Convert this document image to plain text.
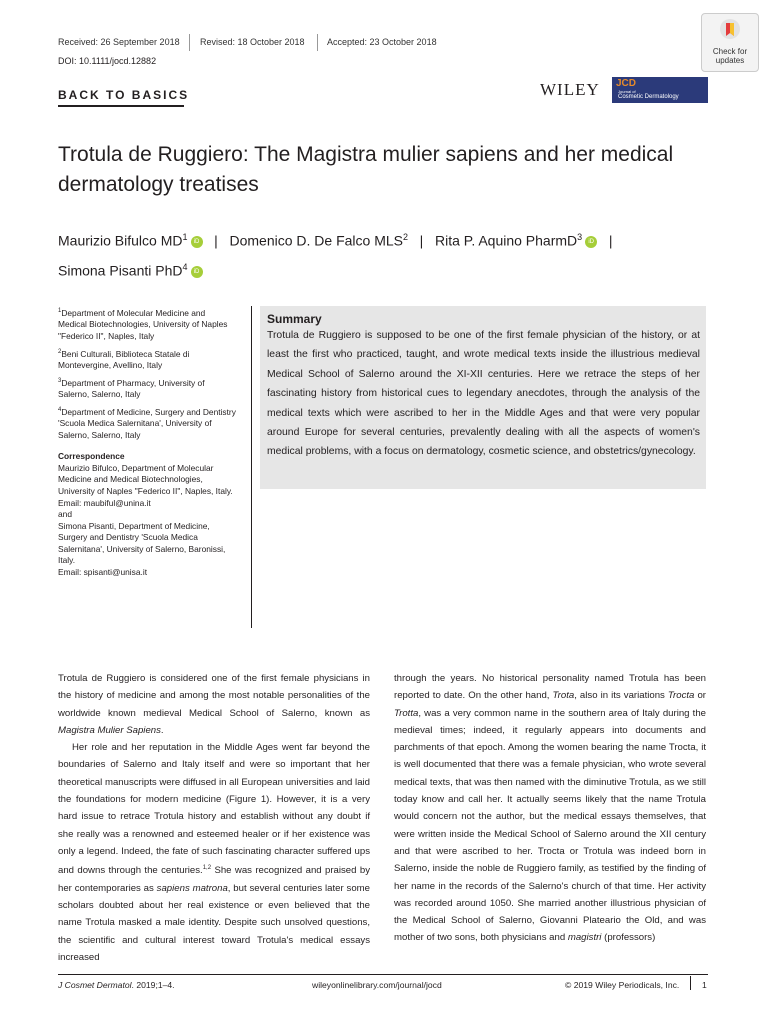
Received: 26 September 2018 Revised: 18 October 2018 Accepted: 23 October 2018
DOI: 10.1111/jocd.12882
Check for
updates
BACK TO BASICS	WILEY JCD
Journal of
Cosmetic Dermatology
Trotula de Ruggiero: The Magistra mulier sapiens and her medical dermatology treatises
Maurizio Bifulco $MD^1$ iD   |   Domenico D. De Falco MLS$^2$   |   Rita P. Aquino PharmD$^3$ iD   |
Simona Pisanti PhD$^4$ iD

$^1$Department of Molecular Medicine and Medical Biotechnologies, University of Naples "Federico II", Naples, Italy

$^2$Beni Culturali, Biblioteca Statale di Montevergine, Avellino, Italy

$^3$Department of Pharmacy, University of Salerno, Salerno, Italy

$^4$Department of Medicine, Surgery and Dentistry 'Scuola Medica Salernitana', University of Salerno, Salerno, Italy

Correspondence
Maurizio Bifulco, Department of Molecular Medicine and Medical Biotechnologies, University of Naples "Federico II", Naples, Italy.
Email: maubiful@unina.it
and
Simona Pisanti, Department of Medicine, Surgery and Dentistry 'Scuola Medica Salernitana', University of Salerno, Baronissi, Italy.
Email: spisanti@unisa.it
Summary

Trotula de Ruggiero is supposed to be one of the first female physician of the history, or at least the first who practiced, taught, and wrote medical texts inside the illustrious medieval Medical School of Salerno around the XI-XII centuries. Here we retrace the steps of her fascinating history from historical cues to legendary anecdotes, through the analysis of the medical texts which were ascribed to her in the Middle Ages and that were very popular around Europe for several centuries, prevalently dealing with all the aspects of women's medical problems, with a focus on dermatology, cosmetic science, and obstetrics/gynecology.

Trotula de Ruggiero is considered one of the first female physicians in the history of medicine and among the most notable personalities of the worldwide known medieval Medical School of Salerno, known as Magistra Mulier Sapiens.

Her role and her reputation in the Middle Ages went far beyond the boundaries of Salerno and Italy itself and were so important that her theoretical manuscripts were diffused in all European universities and laid the foundations for modern medicine (Figure 1). However, it is a very hard issue to retrace Trotula history and establish without any doubt if she really was a renowned and esteemed healer or if her existence was only a legend. Indeed, the fate of such fascinating character suffered ups and downs through the centuries.$^{1,2}$ She was recognized and praised by her contemporaries as sapiens matrona, but several centuries later some scholars doubted about her real existence or even believed that the name Trotula masked a male identity. Despite such unsolved questions, the scientific and cultural interest toward Trotula's medical essays increased

through the years. No historical personality named Trotula has been reported to date. On the other hand, Trota, also in its variations Trocta or Trotta, was a very common name in the southern area of Italy during the medieval times; indeed, it regularly appears into documents and parchments of that epoch. Among the women bearing the name Trocta, it is well documented that there was a female physician, who wrote several medical texts, that was then named with the diminutive Trotula, as we still today know and call her. It actually seems likely that the name Trotula would concern not the author, but the medical essays themselves, that were written inside the Medical School of Salerno around the XII century and that were ascribed to her. Trocta or Trotula was indeed born in Salerno, inside the noble de Ruggiero family, as testified by the finding of her name in the records of the Salerno's church of that time. Her activity was recorded around 1050. She married another illustrious physician of the Medical School of Salerno, Giovanni Plateario the Old, and was mother of two sons, both physicians and magistri (professors)

J Cosmet Dermatol. 2019;1–4.	wileyonlinelibrary.com/journal/jocd	© 2019 Wiley Periodicals, Inc.	1
